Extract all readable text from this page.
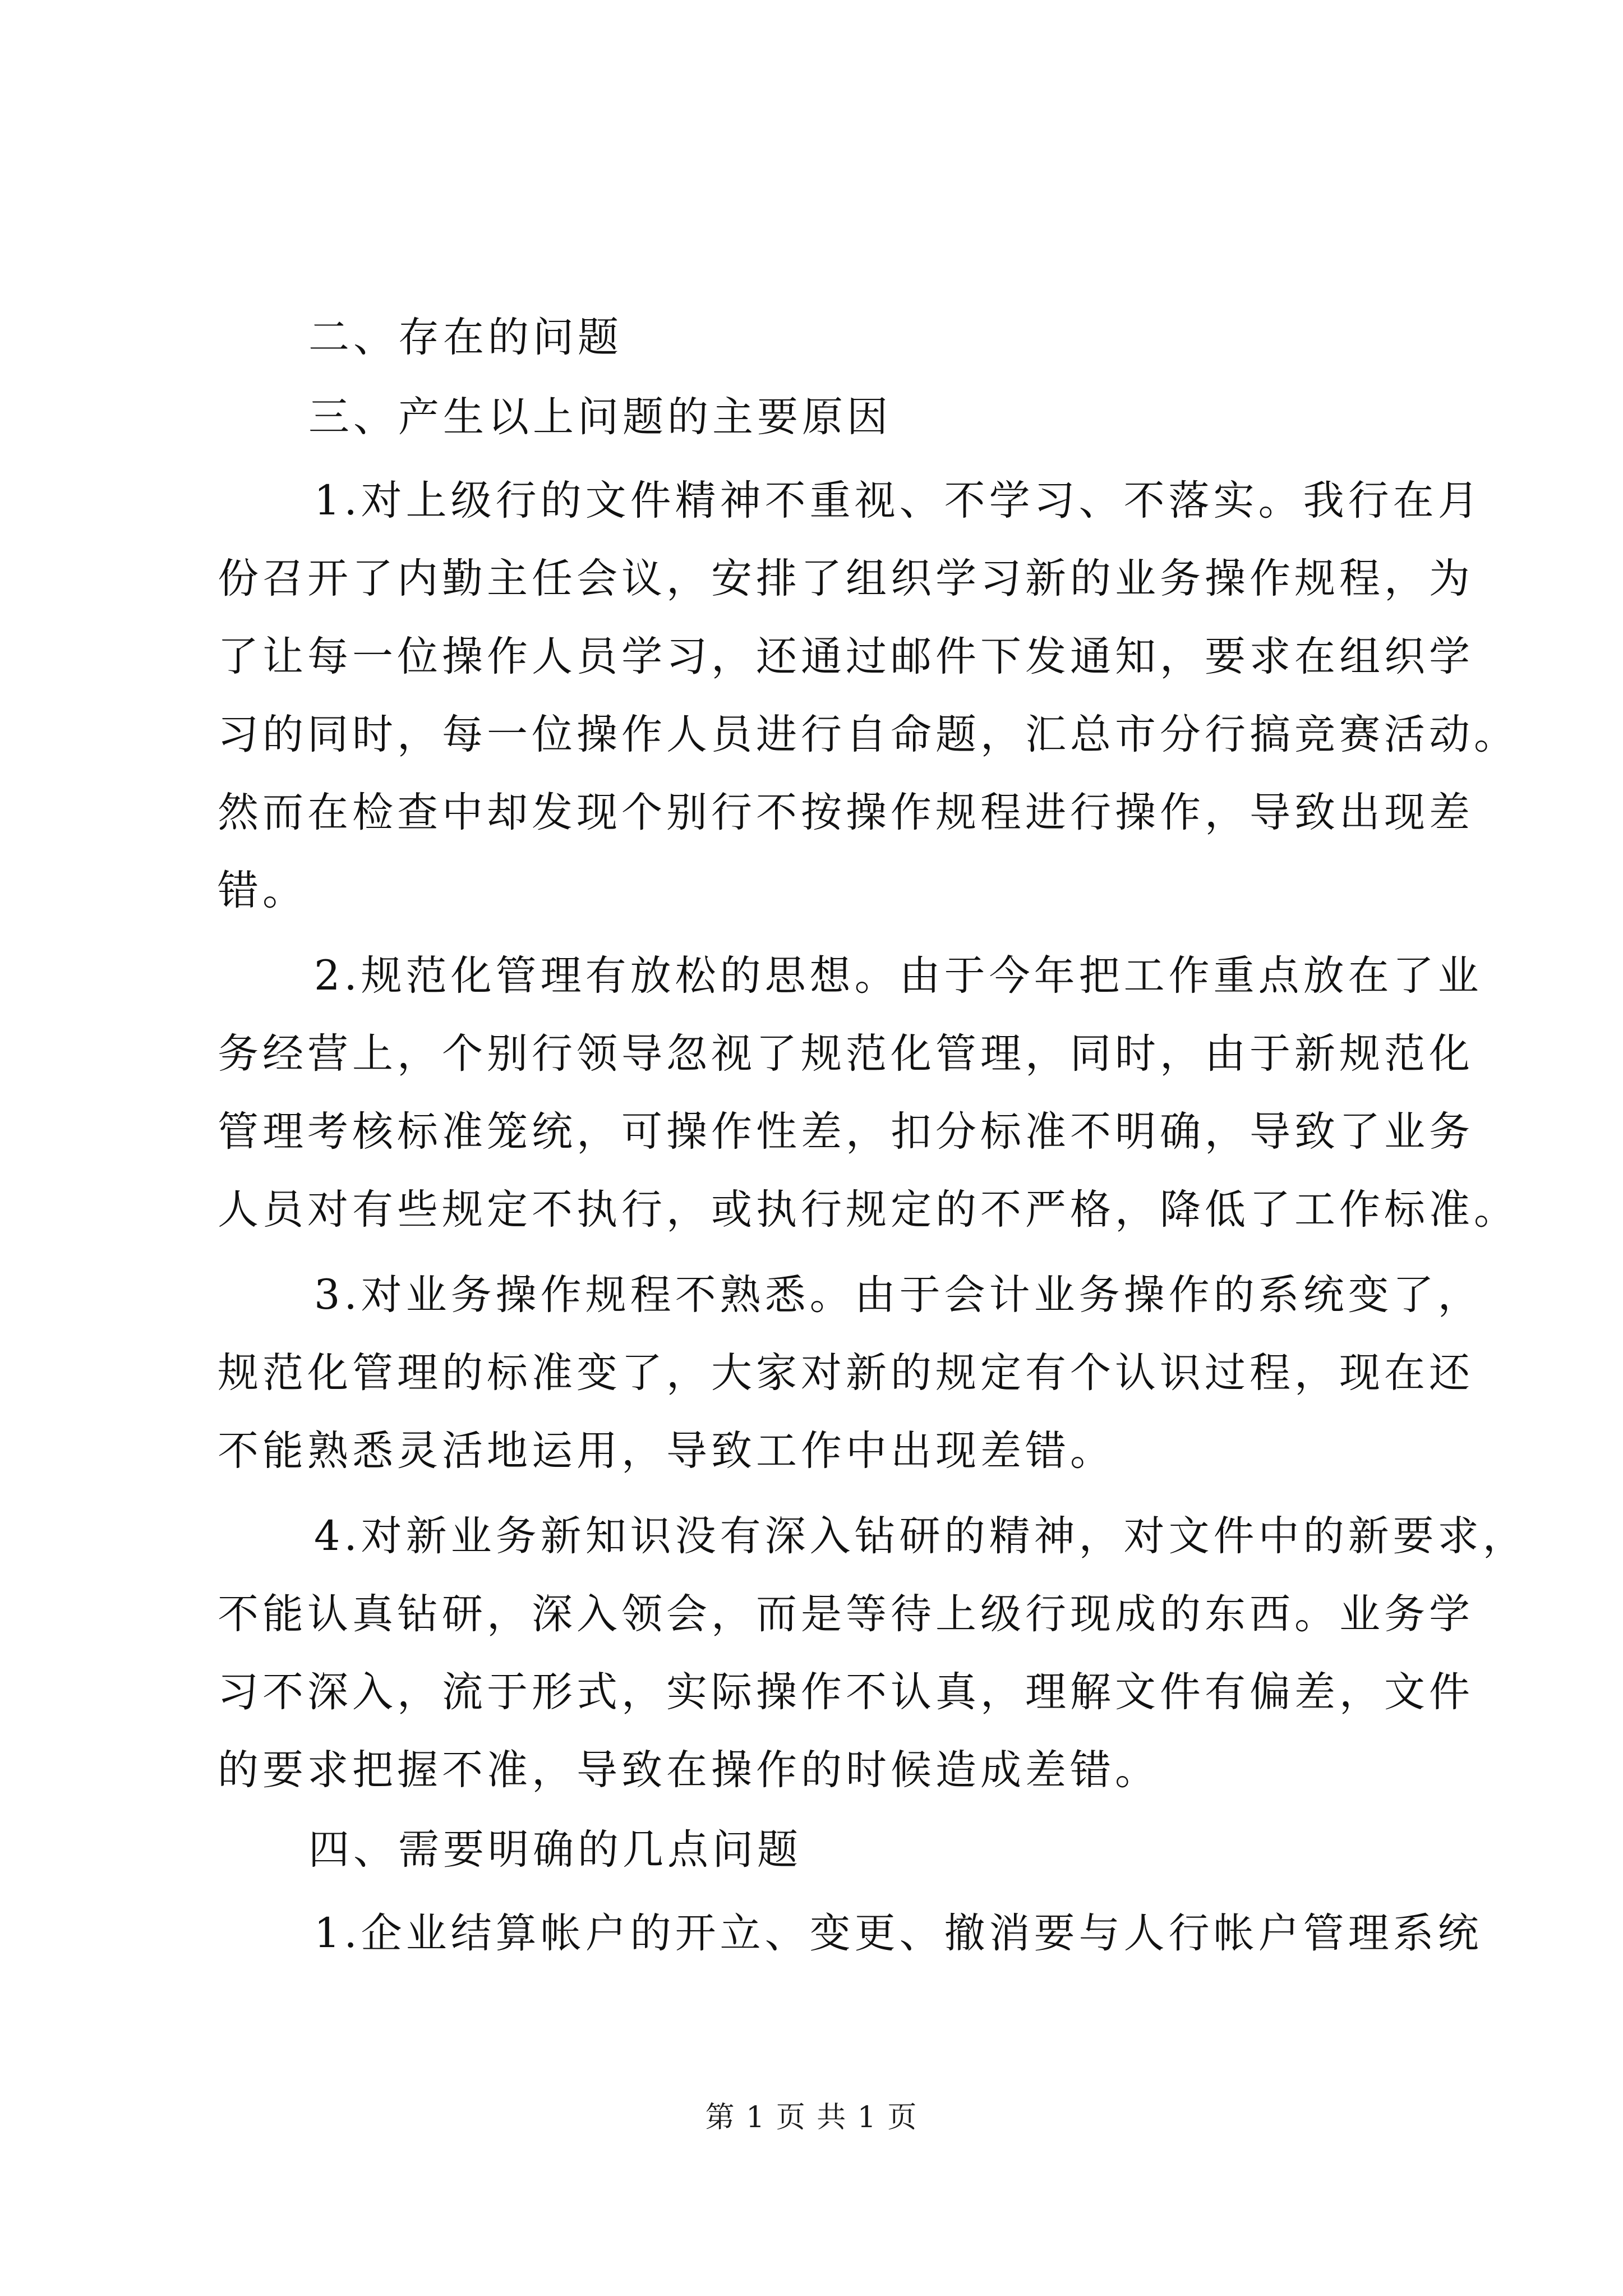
二、存在的问题
三、产生以上问题的主要原因
1.对上级行的文件精神不重视、不学习、不落实。我行在月
份召开了内勤主任会议，安排了组织学习新的业务操作规程，为
了让每一位操作人员学习，还通过邮件下发通知，要求在组织学
习的同时，每一位操作人员进行自命题，汇总市分行搞竞赛活动。
然而在检查中却发现个别行不按操作规程进行操作，导致出现差
错。
2.规范化管理有放松的思想。由于今年把工作重点放在了业
务经营上，个别行领导忽视了规范化管理，同时，由于新规范化
管理考核标准笼统，可操作性差，扣分标准不明确，导致了业务
人员对有些规定不执行，或执行规定的不严格，降低了工作标准。
3.对业务操作规程不熟悉。由于会计业务操作的系统变了，
规范化管理的标准变了，大家对新的规定有个认识过程，现在还
不能熟悉灵活地运用，导致工作中出现差错。
4.对新业务新知识没有深入钻研的精神，对文件中的新要求，
不能认真钻研，深入领会，而是等待上级行现成的东西。业务学
习不深入，流于形式，实际操作不认真，理解文件有偏差，文件
的要求把握不准，导致在操作的时候造成差错。
四、需要明确的几点问题
1.企业结算帐户的开立、变更、撤消要与人行帐户管理系统
第 1 页 共 1 页
